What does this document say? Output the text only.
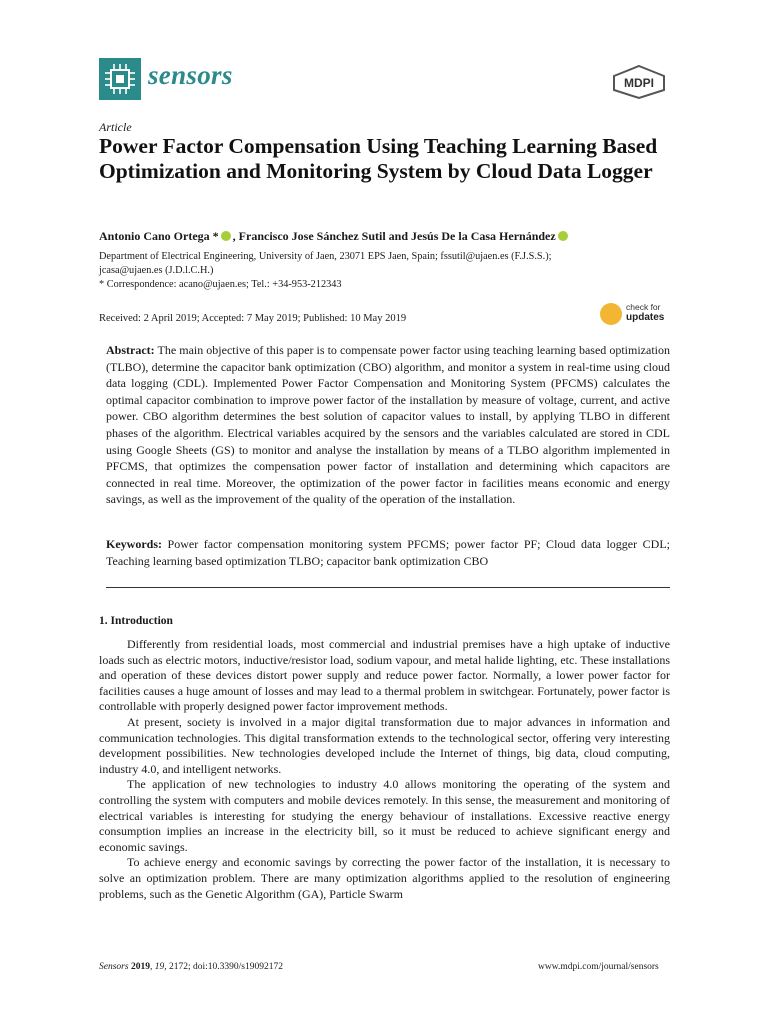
sensors	MDPI
Article
Power Factor Compensation Using Teaching Learning Based Optimization and Monitoring System by Cloud Data Logger
Antonio Cano Ortega * , Francisco Jose Sánchez Sutil and Jesús De la Casa Hernández
Department of Electrical Engineering, University of Jaen, 23071 EPS Jaen, Spain; fssutil@ujaen.es (F.J.S.S.);
jcasa@ujaen.es (J.D.l.C.H.)
* Correspondence: acano@ujaen.es; Tel.: +34-953-212343
Received: 2 April 2019; Accepted: 7 May 2019; Published: 10 May 2019
check for
updates
Abstract: The main objective of this paper is to compensate power factor using teaching learning based optimization (TLBO), determine the capacitor bank optimization (CBO) algorithm, and monitor a system in real-time using cloud data logging (CDL). Implemented Power Factor Compensation and Monitoring System (PFCMS) calculates the optimal capacitor combination to improve power factor of the installation by measure of voltage, current, and active power. CBO algorithm determines the best solution of capacitor values to install, by applying TLBO in different phases of the algorithm. Electrical variables acquired by the sensors and the variables calculated are stored in CDL using Google Sheets (GS) to monitor and analyse the installation by means of a TLBO algorithm implemented in PFCMS, that optimizes the compensation power factor of installation and determining which capacitors are connected in real time. Moreover, the optimization of the power factor in facilities means economic and energy savings, as well as the improvement of the quality of the operation of the installation.
Keywords: Power factor compensation monitoring system PFCMS; power factor PF; Cloud data logger CDL; Teaching learning based optimization TLBO; capacitor bank optimization CBO
1. Introduction

Differently from residential loads, most commercial and industrial premises have a high uptake of inductive loads such as electric motors, inductive/resistor load, sodium vapour, and metal halide lighting, etc. These installations and operation of these devices distort power supply and reduce power factor. Normally, a lower power factor for facilities causes a huge amount of losses and may lead to a thermal problem in switchgear. Fortunately, power factor is controllable with properly designed power factor improvement methods.

At present, society is involved in a major digital transformation due to major advances in information and communication technologies. This digital transformation extends to the technological sector, offering very interesting development possibilities. New technologies developed include the Internet of things, big data, cloud computing, industry 4.0, and intelligent networks.

The application of new technologies to industry 4.0 allows monitoring the operating of the system and controlling the system with computers and mobile devices remotely. In this sense, the measurement and monitoring of electrical variables is interesting for studying the energy behaviour of installations. Excessive reactive energy consumption implies an increase in the electricity bill, so it must be reduced to achieve significant energy and economic savings.

To achieve energy and economic savings by correcting the power factor of the installation, it is necessary to solve an optimization problem. There are many optimization algorithms applied to the resolution of engineering problems, such as the Genetic Algorithm (GA), Particle Swarm

Sensors 2019, 19, 2172; doi:10.3390/s19092172	www.mdpi.com/journal/sensors
